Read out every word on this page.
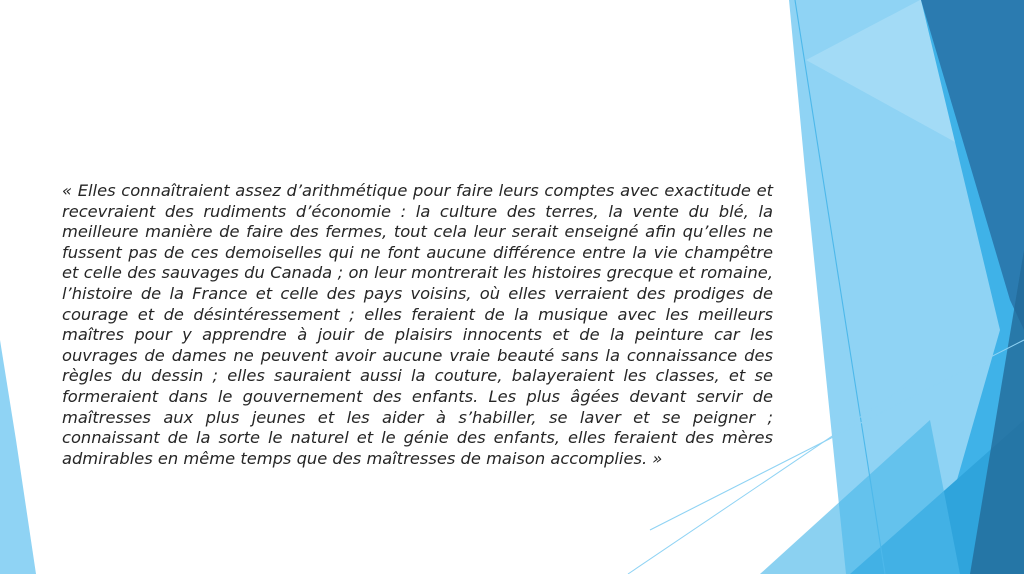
« Elles connaîtraient assez d’arithmétique pour faire leurs comptes avec exactitude et recevraient des rudiments d’économie : la culture des terres, la vente du blé, la meilleure manière de faire des fermes, tout cela leur serait enseigné afin qu’elles ne fussent pas de ces demoiselles qui ne font aucune différence entre la vie champêtre et celle des sauvages du Canada ; on leur montrerait les histoires grecque et romaine, l’histoire de la France et celle des pays voisins, où elles verraient des prodiges de courage et de désintéressement ; elles feraient de la musique avec les meilleurs maîtres pour y apprendre à jouir de plaisirs innocents et de la peinture car les ouvrages de dames ne peuvent avoir aucune vraie beauté sans la connaissance des règles du dessin ; elles sauraient aussi la couture, balayeraient les classes, et se formeraient dans le gouvernement des enfants. Les plus âgées devant servir de maîtresses aux plus jeunes et les aider à s’habiller, se laver et se peigner ; connaissant de la sorte le naturel et le génie des enfants, elles feraient des mères admirables en même temps que des maîtresses de maison accomplies. »
